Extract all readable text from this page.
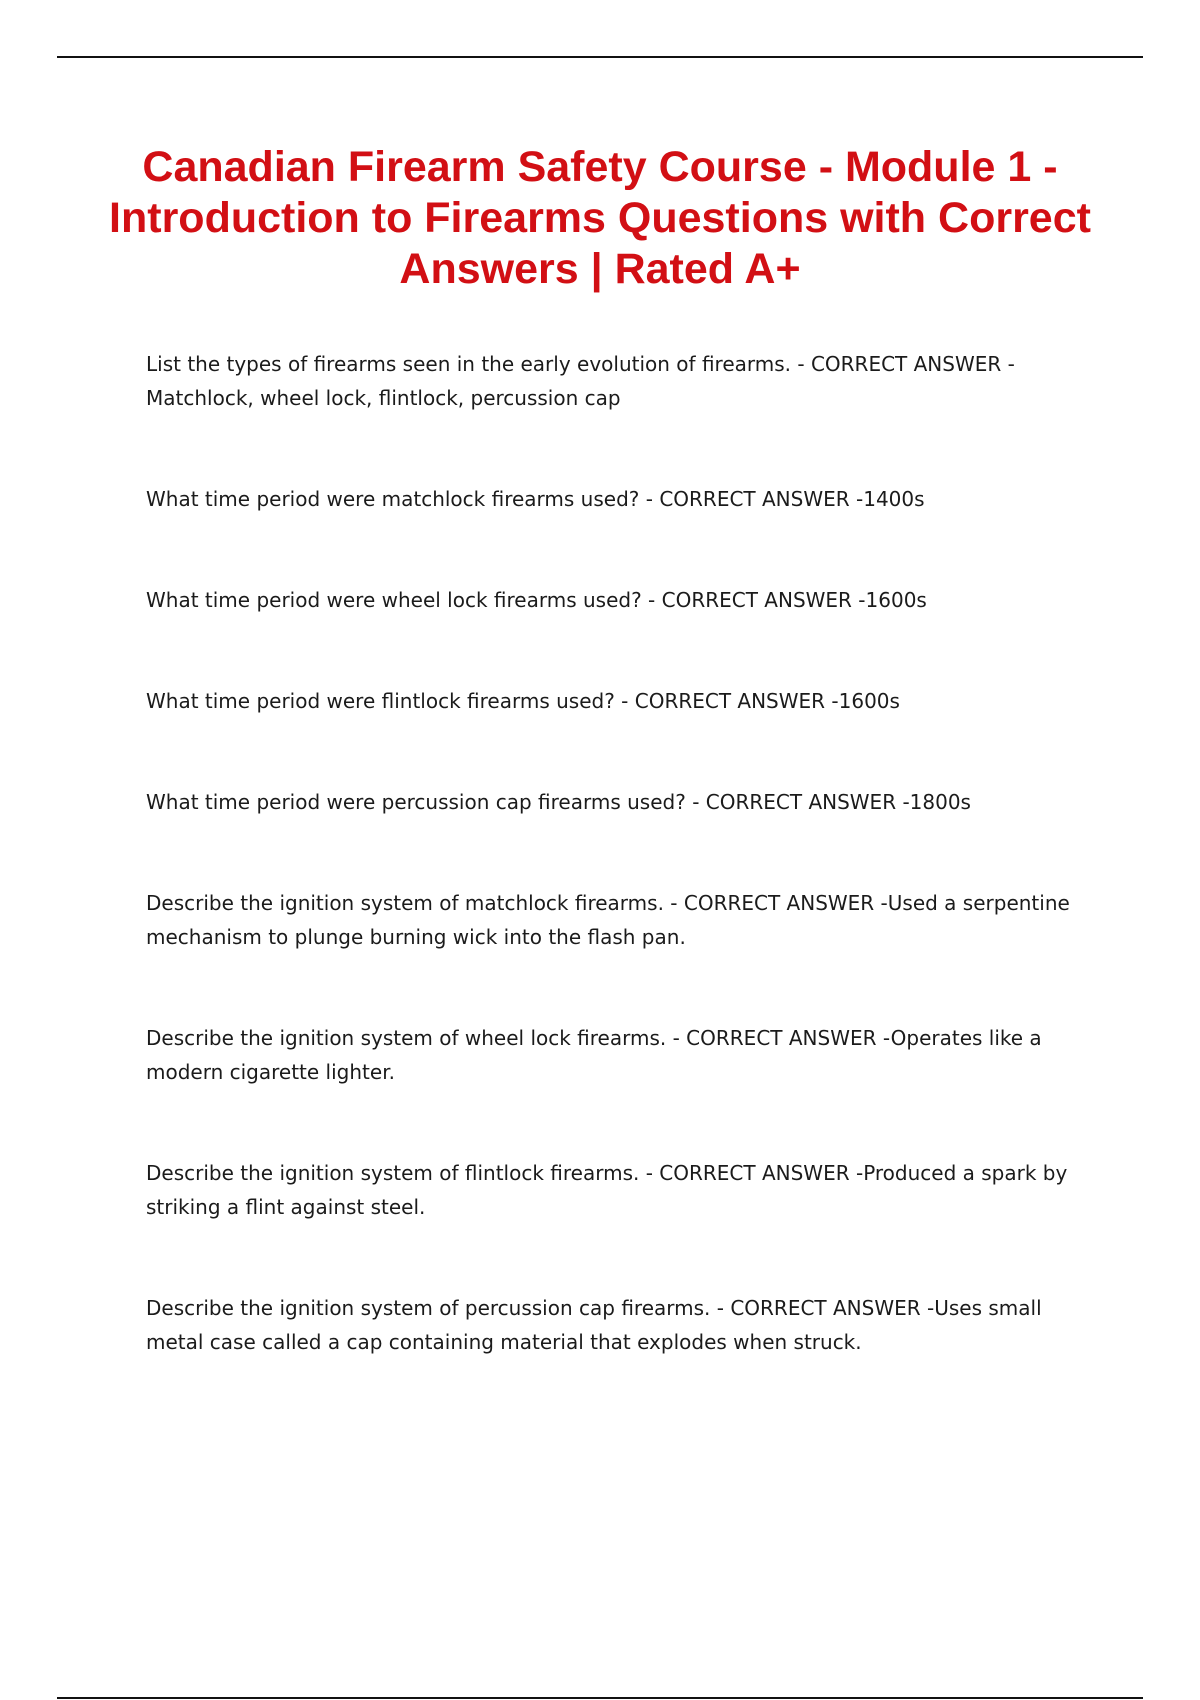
Canadian Firearm Safety Course - Module 1 - Introduction to Firearms Questions with Correct Answers | Rated A+
List the types of firearms seen in the early evolution of firearms. - CORRECT ANSWER - Matchlock, wheel lock, flintlock, percussion cap
What time period were matchlock firearms used? - CORRECT ANSWER -1400s
What time period were wheel lock firearms used? - CORRECT ANSWER -1600s
What time period were flintlock firearms used? - CORRECT ANSWER -1600s
What time period were percussion cap firearms used? - CORRECT ANSWER -1800s
Describe the ignition system of matchlock firearms. - CORRECT ANSWER -Used a serpentine mechanism to plunge burning wick into the flash pan.
Describe the ignition system of wheel lock firearms. - CORRECT ANSWER -Operates like a modern cigarette lighter.
Describe the ignition system of flintlock firearms. - CORRECT ANSWER -Produced a spark by striking a flint against steel.
Describe the ignition system of percussion cap firearms. - CORRECT ANSWER -Uses small metal case called a cap containing material that explodes when struck.
